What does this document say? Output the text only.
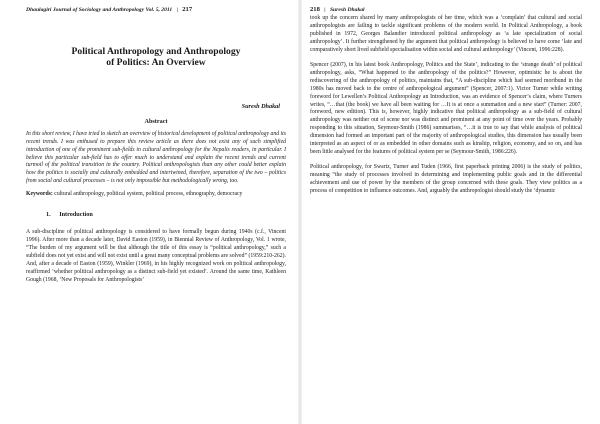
Dhaulagiri Journal of Sociology and Anthropology Vol. 5, 2011 | 217
Political Anthropology and Anthropology
of Politics: An Overview
Suresh Dhakal
Abstract
In this short review, I have tried to sketch an overview of historical development of political anthropology and its recent trends. I was enthused to prepare this review article as there does not exist any of such simplified introduction of one of the prominent sub-fields in cultural anthropology for the Nepalis readers, in particular. I believe this particular sub-field has to offer much to understand and explain the recent trends and current turmoil of the political transition in the country. Political anthropologists than any other could better explain how the politics is socially and culturally embedded and intertwined, therefore, separation of the two – politics from social and cultural processes – is not only impossible but methodologically wrong, too.
Keywords: cultural anthropology, political system, political process, ethnography, democracy
1. Introduction
A sub-discipline of political anthropology is considered to have formally begun during 1940s (c.f., Vincent 1996). After more than a decade later, David Easton (1959), in Biennial Review of Anthropology, Vol. 1 wrote, “The burden of my argument will be that although the title of this essay is “political anthropology,” such a subfield does not yet exist and will not exist until a great many conceptual problems are solved” (1959:210-262). And, after a decade of Easton (1959), Winkler (1969), in his highly recognized work on political anthropology, reaffirmed ‘whether political anthropology as a distinct sub-field yet existed’. Around the same time, Kathleen Gough (1968, ‘New Proposals for Anthropologists’
218 | Suresh Dhakal
took up the concern shared by many anthropologists of her time, which was a ‘complain’ that cultural and social anthropologists are failing to tackle significant problems of the modern world. In Political Anthropology, a book published in 1972, Georges Balandier introduced political anthropology as ‘a late specialization of social anthropology’. It further strengthened by the argument that political anthropology is believed to have come ‘late and comparatively short lived subfield specialisation within social and cultural anthropology’ (Vincent, 1996:228).
Spencer (2007), in his latest book Anthropology, Politics and the State’, indicating to the ‘strange death’ of political anthropology, asks, “What happened to the anthropology of the politics?” However, optimistic he is about the rediscovering of the anthropology of politics, maintains that, “A sub-discipline which had seemed moribund in the 1980s has moved back to the centre of anthropological argument” (Spencer, 2007:1). Victor Turner while writing foreword for Lewellen’s Political Anthropology an Introduction, was an evidence of Spencer’s claim, where Turners writes, “…that (the book) we have all been waiting for …It is at once a summation and a new start” (Turner: 2007, foreword, new edition). This is, however, highly indicative that political anthropology as a sub-field of cultural anthropology was neither out of scene nor was distinct and prominent at any point of time over the years. Probably responding to this situation, Seymour-Smith (1986) summarises, “…it is true to say that while analysis of political dimension had formed an important part of the majority of anthropological studies, this dimension has usually been interpreted as an aspect of or as embedded in other domains such as kinship, religion, economy, and so on, and has been little analysed for the features of political system per se (Seymour-Smith, 1986:226).
Political anthropology, for Swartz, Turner and Tuden (1966, first paperback printing 2006) is the study of politics, meaning “the study of processes involved in determining and implementing public goals and in the differential achievement and use of power by the members of the group concerned with these goals. They view politics as a process of competition to influence outcomes. And, arguably the anthropologist should study the ‘dynamic
